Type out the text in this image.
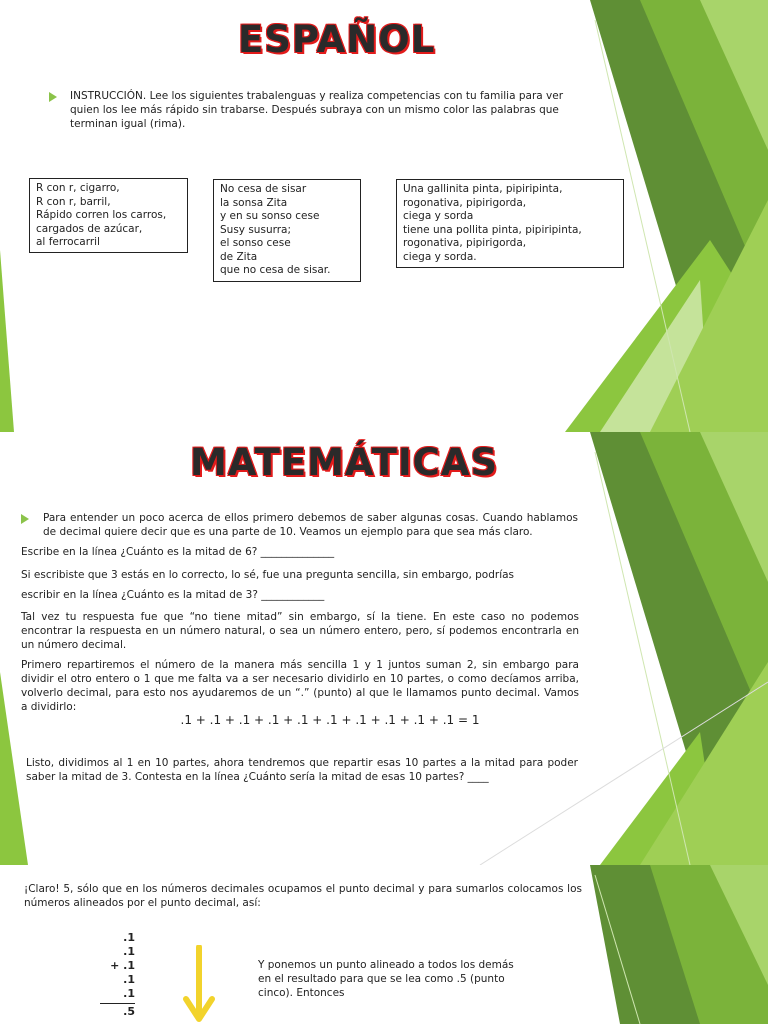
ESPAÑOL

INSTRUCCIÓN. Lee los siguientes trabalenguas y realiza competencias con tu familia para ver quien los lee más rápido sin trabarse. Después subraya con un mismo color las palabras que terminan igual (rima).

R con r, cigarro,
R con r, barril,
Rápido corren los carros,
cargados de azúcar,
al ferrocarril
No cesa de sisar
la sonsa Zita
y en su sonso cese
Susy susurra;
el sonso cese
de Zita
que no cesa de sisar.
Una gallinita pinta, pipiripinta,
rogonativa, pipirigorda,
ciega y sorda
tiene una pollita pinta, pipiripinta,
rogonativa, pipirigorda,
ciega y sorda.
MATEMÁTICAS

Para entender un poco acerca de ellos primero debemos de saber algunas cosas. Cuando hablamos de decimal quiere decir que es una parte de 10. Veamos un ejemplo para que sea más claro.

Escribe en la línea ¿Cuánto es la mitad de 6? ______________

Si escribiste que 3 estás en lo correcto, lo sé, fue una pregunta sencilla, sin embargo, podrías

escribir en la línea ¿Cuánto es la mitad de 3? ____________

Tal vez tu respuesta fue que “no tiene mitad” sin embargo, sí la tiene. En este caso no podemos encontrar la respuesta en un número natural, o sea un número entero, pero, sí podemos encontrarla en un número decimal.

Primero repartiremos el número de la manera más sencilla 1 y 1 juntos suman 2, sin embargo para dividir el otro entero o 1 que me falta va a ser necesario dividirlo en 10 partes, o como decíamos arriba, volverlo decimal, para esto nos ayudaremos de un “.” (punto) al que le llamamos punto decimal. Vamos a dividirlo:

.1 + .1 + .1 + .1 + .1 + .1 + .1 + .1 + .1 + .1 = 1

Listo, dividimos al 1 en 10 partes, ahora tendremos que repartir esas 10 partes a la mitad para poder saber la mitad de 3. Contesta en la línea ¿Cuánto sería la mitad de esas 10 partes? ____

¡Claro! 5, sólo que en los números decimales ocupamos el punto decimal y para sumarlos colocamos los números alineados por el punto decimal, así:

.1
.1
+ .1
.1
.1
.5

Y ponemos un punto alineado a todos los demás en el resultado para que se lea como .5 (punto cinco). Entonces
